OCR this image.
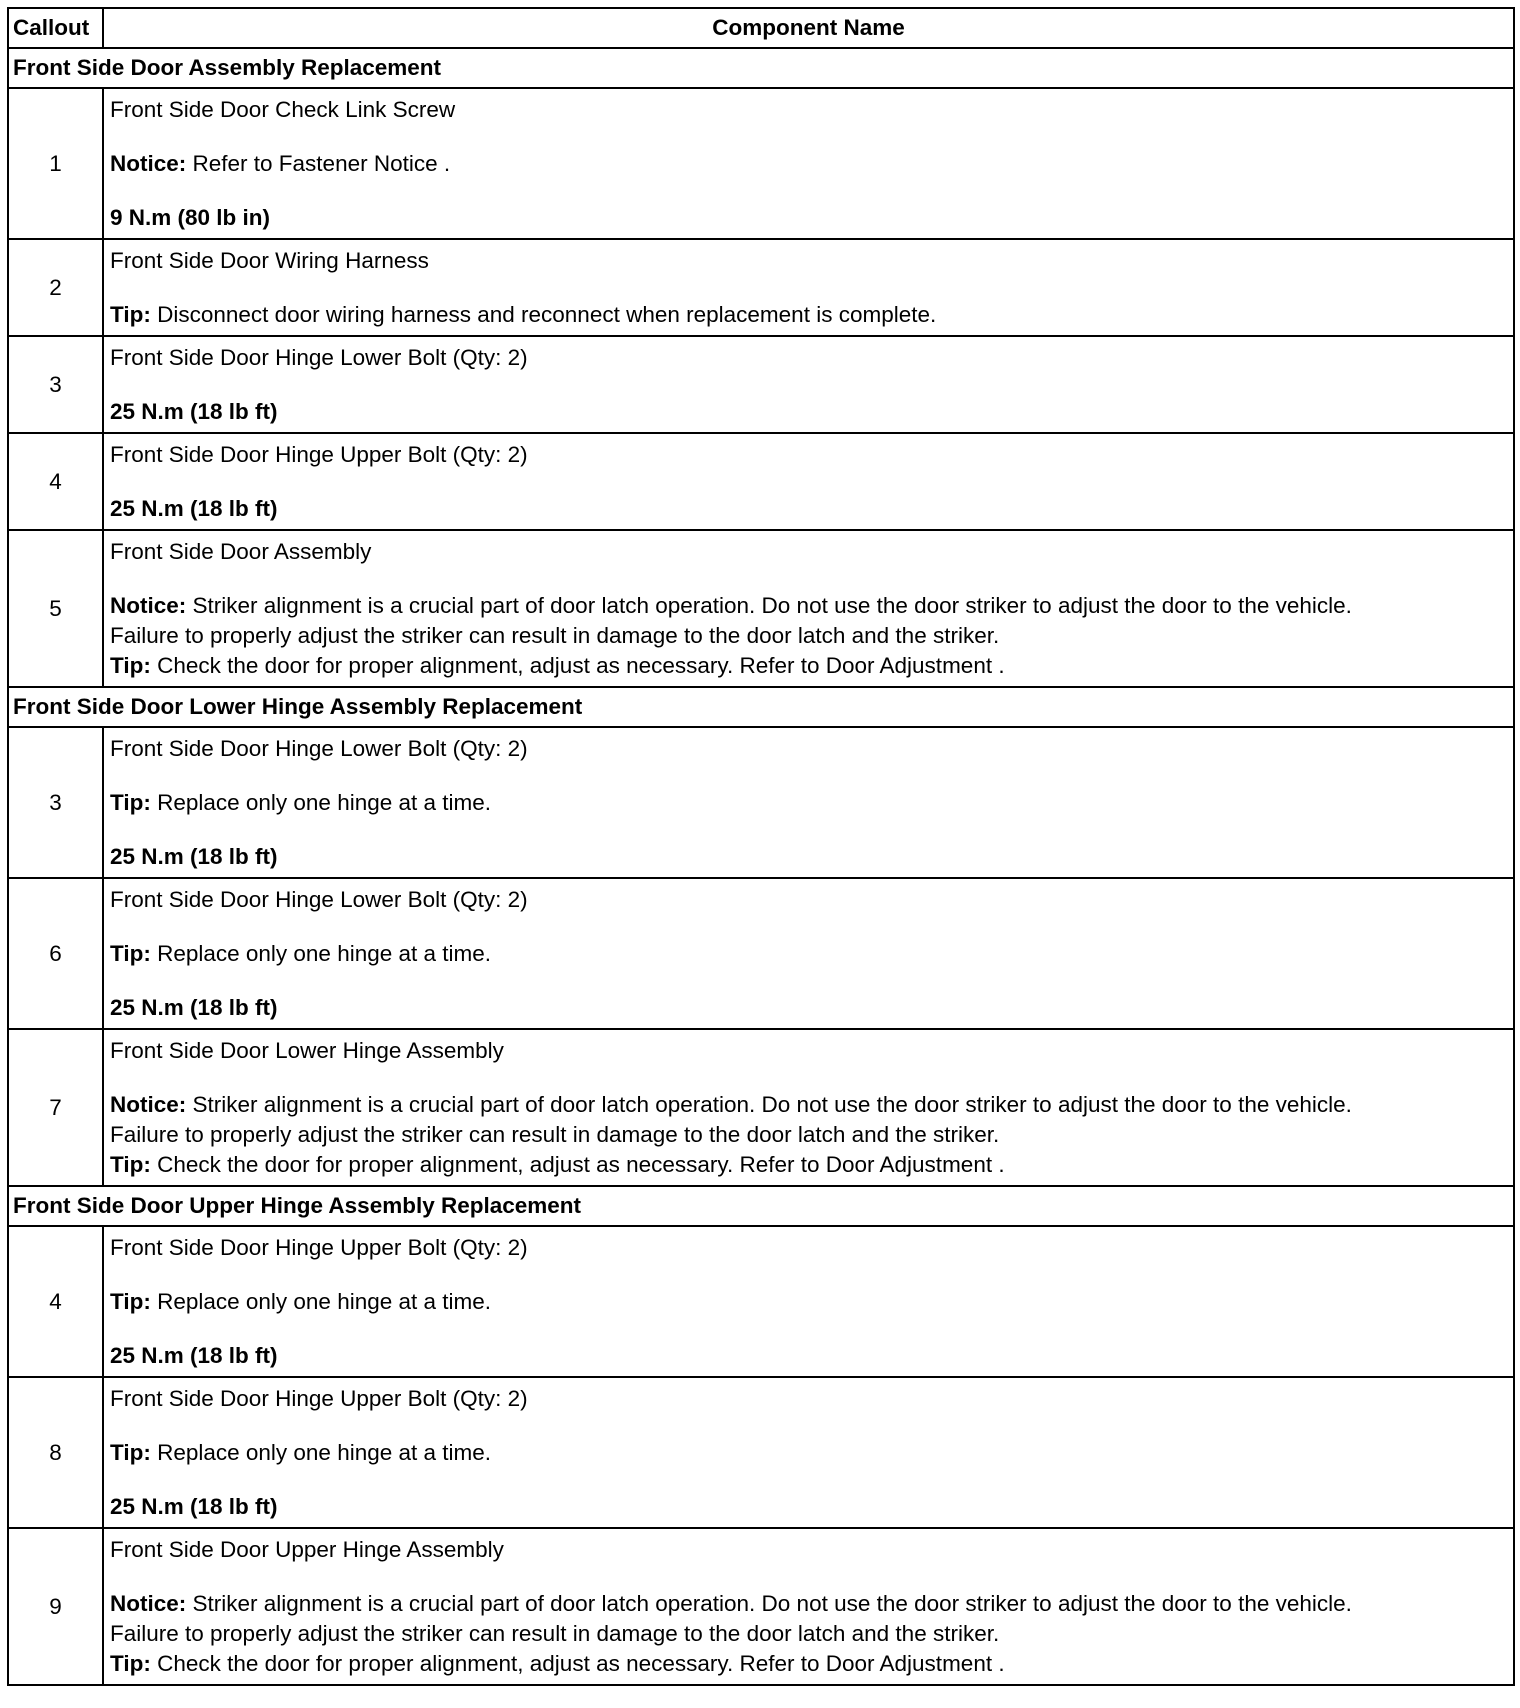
Callout	Component Name
Front Side Door Assembly Replacement	
1	Front Side Door Check Link Screw
Notice: Refer to Fastener Notice .
9 N.m (80 lb in)

2	Front Side Door Wiring Harness
Tip: Disconnect door wiring harness and reconnect when replacement is complete.

3	Front Side Door Hinge Lower Bolt (Qty: 2)
25 N.m (18 lb ft)

4	Front Side Door Hinge Upper Bolt (Qty: 2)
25 N.m (18 lb ft)

5	Front Side Door Assembly
Notice: Striker alignment is a crucial part of door latch operation. Do not use the door striker to adjust the door to the vehicle.
Failure to properly adjust the striker can result in damage to the door latch and the striker.
Tip: Check the door for proper alignment, adjust as necessary. Refer to Door Adjustment .

Front Side Door Lower Hinge Assembly Replacement	
3	Front Side Door Hinge Lower Bolt (Qty: 2)
Tip: Replace only one hinge at a time.
25 N.m (18 lb ft)

6	Front Side Door Hinge Lower Bolt (Qty: 2)
Tip: Replace only one hinge at a time.
25 N.m (18 lb ft)

7	Front Side Door Lower Hinge Assembly
Notice: Striker alignment is a crucial part of door latch operation. Do not use the door striker to adjust the door to the vehicle.
Failure to properly adjust the striker can result in damage to the door latch and the striker.
Tip: Check the door for proper alignment, adjust as necessary. Refer to Door Adjustment .

Front Side Door Upper Hinge Assembly Replacement	
4	Front Side Door Hinge Upper Bolt (Qty: 2)
Tip: Replace only one hinge at a time.
25 N.m (18 lb ft)

8	Front Side Door Hinge Upper Bolt (Qty: 2)
Tip: Replace only one hinge at a time.
25 N.m (18 lb ft)

9	Front Side Door Upper Hinge Assembly
Notice: Striker alignment is a crucial part of door latch operation. Do not use the door striker to adjust the door to the vehicle.
Failure to properly adjust the striker can result in damage to the door latch and the striker.
Tip: Check the door for proper alignment, adjust as necessary. Refer to Door Adjustment .
